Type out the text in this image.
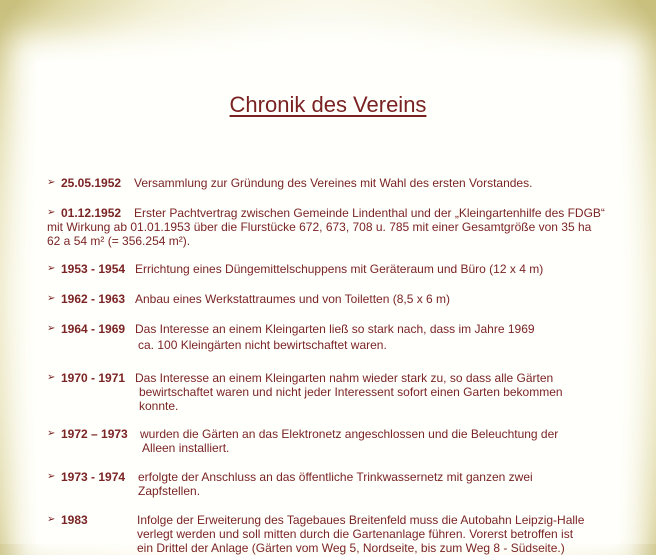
Chronik des Vereins
➢ 25.05.1952 Versammlung zur Gründung des Vereines mit Wahl des ersten Vorstandes.
➢ 01.12.1952	Erster Pachtvertrag zwischen Gemeinde Lindenthal und der „Kleingartenhilfe des FDGB“ mit Wirkung ab 01.01.1953 über die Flurstücke 672, 673, 708 u. 785 mit einer Gesamtgröße von 35 ha 62 a 54 m² (= 356.254 m²).
➢ 1953 - 1954 Errichtung eines Düngemittelschuppens mit Geräteraum und Büro (12 x 4 m)
➢ 1962 - 1963 Anbau eines Werkstattraumes und von Toiletten (8,5 x 6 m)
➢ 1964 - 1969 Das Interesse an einem Kleingarten ließ so stark nach, dass im Jahre 1969
ca. 100 Kleingärten nicht bewirtschaftet waren.
➢ 1970 - 1971 Das Interesse an einem Kleingarten nahm wieder stark zu, so dass alle Gärten
bewirtschaftet waren und nicht jeder Interessent sofort einen Garten bekommen
konnte.
➢ 1972 – 1973 wurden die Gärten an das Elektronetz angeschlossen und die Beleuchtung der
Alleen installiert.
➢ 1973 - 1974 erfolgte der Anschluss an das öffentliche Trinkwassernetz mit ganzen zwei
Zapfstellen.
➢ 1983	Infolge der Erweiterung des Tagebaues Breitenfeld muss die Autobahn Leipzig-Halle
verlegt werden und soll mitten durch die Gartenanlage führen. Vorerst betroffen ist
ein Drittel der Anlage (Gärten vom Weg 5, Nordseite, bis zum Weg 8 - Südseite.)
